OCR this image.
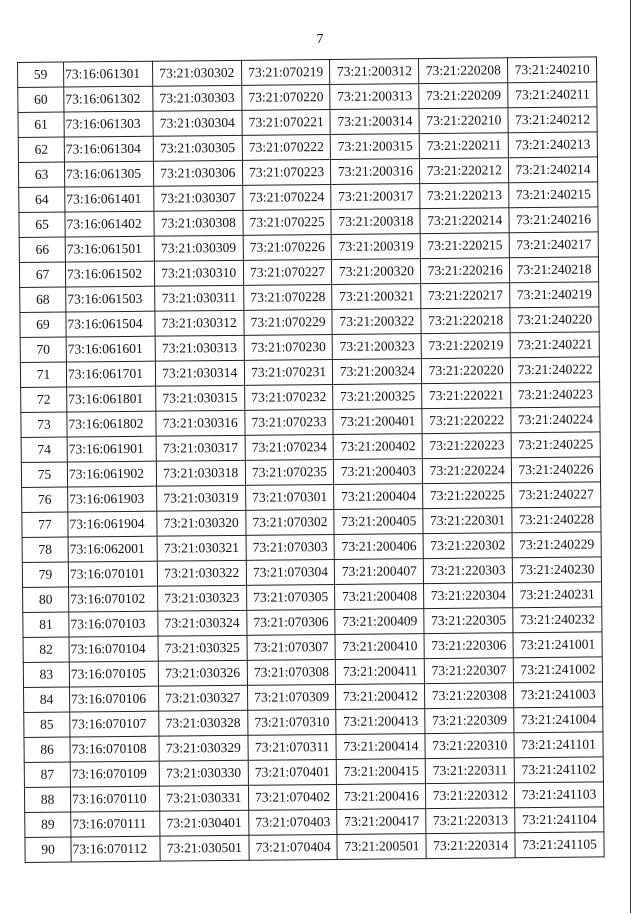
7
59	73:16:061301	73:21:030302	73:21:070219	73:21:200312	73:21:220208	73:21:240210
60	73:16:061302	73:21:030303	73:21:070220	73:21:200313	73:21:220209	73:21:240211
61	73:16:061303	73:21:030304	73:21:070221	73:21:200314	73:21:220210	73:21:240212
62	73:16:061304	73:21:030305	73:21:070222	73:21:200315	73:21:220211	73:21:240213
63	73:16:061305	73:21:030306	73:21:070223	73:21:200316	73:21:220212	73:21:240214
64	73:16:061401	73:21:030307	73:21:070224	73:21:200317	73:21:220213	73:21:240215
65	73:16:061402	73:21:030308	73:21:070225	73:21:200318	73:21:220214	73:21:240216
66	73:16:061501	73:21:030309	73:21:070226	73:21:200319	73:21:220215	73:21:240217
67	73:16:061502	73:21:030310	73:21:070227	73:21:200320	73:21:220216	73:21:240218
68	73:16:061503	73:21:030311	73:21:070228	73:21:200321	73:21:220217	73:21:240219
69	73:16:061504	73:21:030312	73:21:070229	73:21:200322	73:21:220218	73:21:240220
70	73:16:061601	73:21:030313	73:21:070230	73:21:200323	73:21:220219	73:21:240221
71	73:16:061701	73:21:030314	73:21:070231	73:21:200324	73:21:220220	73:21:240222
72	73:16:061801	73:21:030315	73:21:070232	73:21:200325	73:21:220221	73:21:240223
73	73:16:061802	73:21:030316	73:21:070233	73:21:200401	73:21:220222	73:21:240224
74	73:16:061901	73:21:030317	73:21:070234	73:21:200402	73:21:220223	73:21:240225
75	73:16:061902	73:21:030318	73:21:070235	73:21:200403	73:21:220224	73:21:240226
76	73:16:061903	73:21:030319	73:21:070301	73:21:200404	73:21:220225	73:21:240227
77	73:16:061904	73:21:030320	73:21:070302	73:21:200405	73:21:220301	73:21:240228
78	73:16:062001	73:21:030321	73:21:070303	73:21:200406	73:21:220302	73:21:240229
79	73:16:070101	73:21:030322	73:21:070304	73:21:200407	73:21:220303	73:21:240230
80	73:16:070102	73:21:030323	73:21:070305	73:21:200408	73:21:220304	73:21:240231
81	73:16:070103	73:21:030324	73:21:070306	73:21:200409	73:21:220305	73:21:240232
82	73:16:070104	73:21:030325	73:21:070307	73:21:200410	73:21:220306	73:21:241001
83	73:16:070105	73:21:030326	73:21:070308	73:21:200411	73:21:220307	73:21:241002
84	73:16:070106	73:21:030327	73:21:070309	73:21:200412	73:21:220308	73:21:241003
85	73:16:070107	73:21:030328	73:21:070310	73:21:200413	73:21:220309	73:21:241004
86	73:16:070108	73:21:030329	73:21:070311	73:21:200414	73:21:220310	73:21:241101
87	73:16:070109	73:21:030330	73:21:070401	73:21:200415	73:21:220311	73:21:241102
88	73:16:070110	73:21:030331	73:21:070402	73:21:200416	73:21:220312	73:21:241103
89	73:16:070111	73:21:030401	73:21:070403	73:21:200417	73:21:220313	73:21:241104
90	73:16:070112	73:21:030501	73:21:070404	73:21:200501	73:21:220314	73:21:241105
